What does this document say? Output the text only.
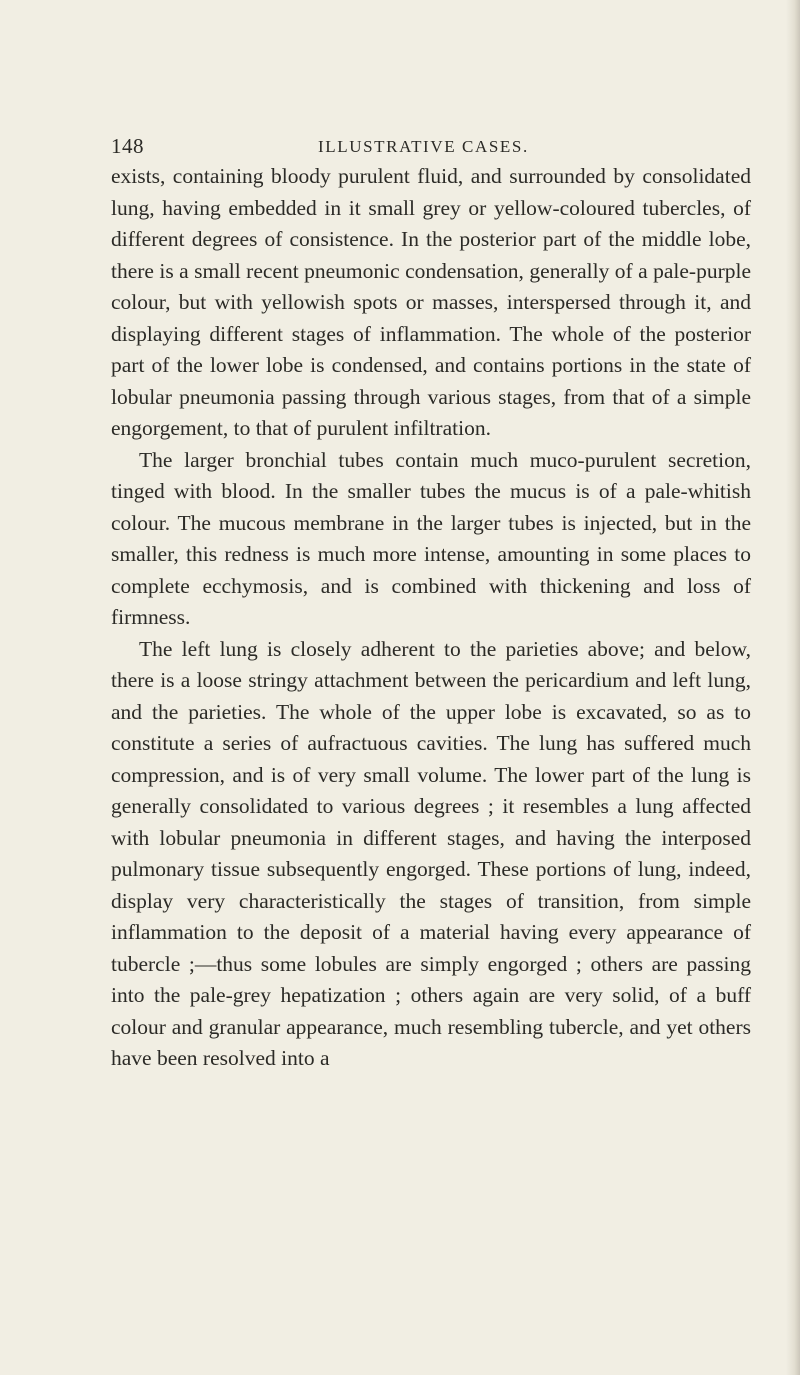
148	ILLUSTRATIVE CASES.

exists, containing bloody purulent fluid, and surrounded by consolidated lung, having embedded in it small grey or yellow-coloured tubercles, of different degrees of consistence. In the posterior part of the middle lobe, there is a small recent pneumonic condensation, generally of a pale-purple colour, but with yellowish spots or masses, interspersed through it, and displaying different stages of inflammation. The whole of the posterior part of the lower lobe is condensed, and contains portions in the state of lobular pneumonia passing through various stages, from that of a simple engorgement, to that of purulent infiltration.

The larger bronchial tubes contain much muco-purulent secretion, tinged with blood. In the smaller tubes the mucus is of a pale-whitish colour. The mucous membrane in the larger tubes is injected, but in the smaller, this redness is much more intense, amounting in some places to complete ecchymosis, and is combined with thickening and loss of firmness.

The left lung is closely adherent to the parieties above; and below, there is a loose stringy attachment between the pericardium and left lung, and the parieties. The whole of the upper lobe is excavated, so as to constitute a series of aufractuous cavities. The lung has suffered much compression, and is of very small volume. The lower part of the lung is generally consolidated to various degrees ; it resembles a lung affected with lobular pneumonia in different stages, and having the interposed pulmonary tissue subsequently engorged. These portions of lung, indeed, display very characteristically the stages of transition, from simple inflammation to the deposit of a material having every appearance of tubercle ;—thus some lobules are simply engorged ; others are passing into the pale-grey hepatization ; others again are very solid, of a buff colour and granular appearance, much resembling tubercle, and yet others have been resolved into a
